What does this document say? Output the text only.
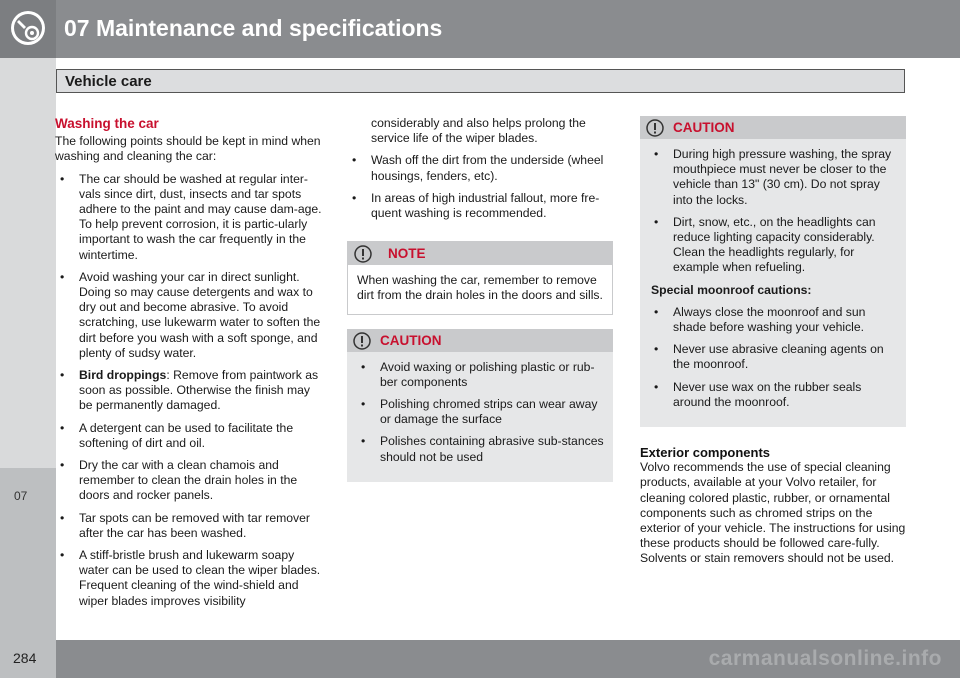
07 Maintenance and specifications
07
Vehicle care
Washing the car

The following points should be kept in mind when washing and cleaning the car:

• The car should be washed at regular inter-vals since dirt, dust, insects and tar spots adhere to the paint and may cause dam-age. To help prevent corrosion, it is partic-ularly important to wash the car frequently in the wintertime.
• Avoid washing your car in direct sunlight. Doing so may cause detergents and wax to dry out and become abrasive. To avoid scratching, use lukewarm water to soften the dirt before you wash with a soft sponge, and plenty of sudsy water.
• Bird droppings: Remove from paintwork as soon as possible. Otherwise the finish may be permanently damaged.
• A detergent can be used to facilitate the softening of dirt and oil.
• Dry the car with a clean chamois and remember to clean the drain holes in the doors and rocker panels.
• Tar spots can be removed with tar remover after the car has been washed.
• A stiff-bristle brush and lukewarm soapy water can be used to clean the wiper blades. Frequent cleaning of the wind-shield and wiper blades improves visibility
considerably and also helps prolong the service life of the wiper blades.
• Wash off the dirt from the underside (wheel housings, fenders, etc).
• In areas of high industrial fallout, more fre-quent washing is recommended.
NOTE
When washing the car, remember to remove dirt from the drain holes in the doors and sills.
CAUTION
• Avoid waxing or polishing plastic or rub-ber components
• Polishing chromed strips can wear away or damage the surface
• Polishes containing abrasive sub-stances should not be used
CAUTION
• During high pressure washing, the spray mouthpiece must never be closer to the vehicle than 13" (30 cm). Do not spray into the locks.
• Dirt, snow, etc., on the headlights can reduce lighting capacity considerably. Clean the headlights regularly, for example when refueling.
Special moonroof cautions:
• Always close the moonroof and sun shade before washing your vehicle.
• Never use abrasive cleaning agents on the moonroof.
• Never use wax on the rubber seals around the moonroof.
Exterior components

Volvo recommends the use of special cleaning products, available at your Volvo retailer, for cleaning colored plastic, rubber, or ornamental components such as chromed strips on the exterior of your vehicle. The instructions for using these products should be followed care-fully. Solvents or stain removers should not be used.

284	carmanualsonline.info
